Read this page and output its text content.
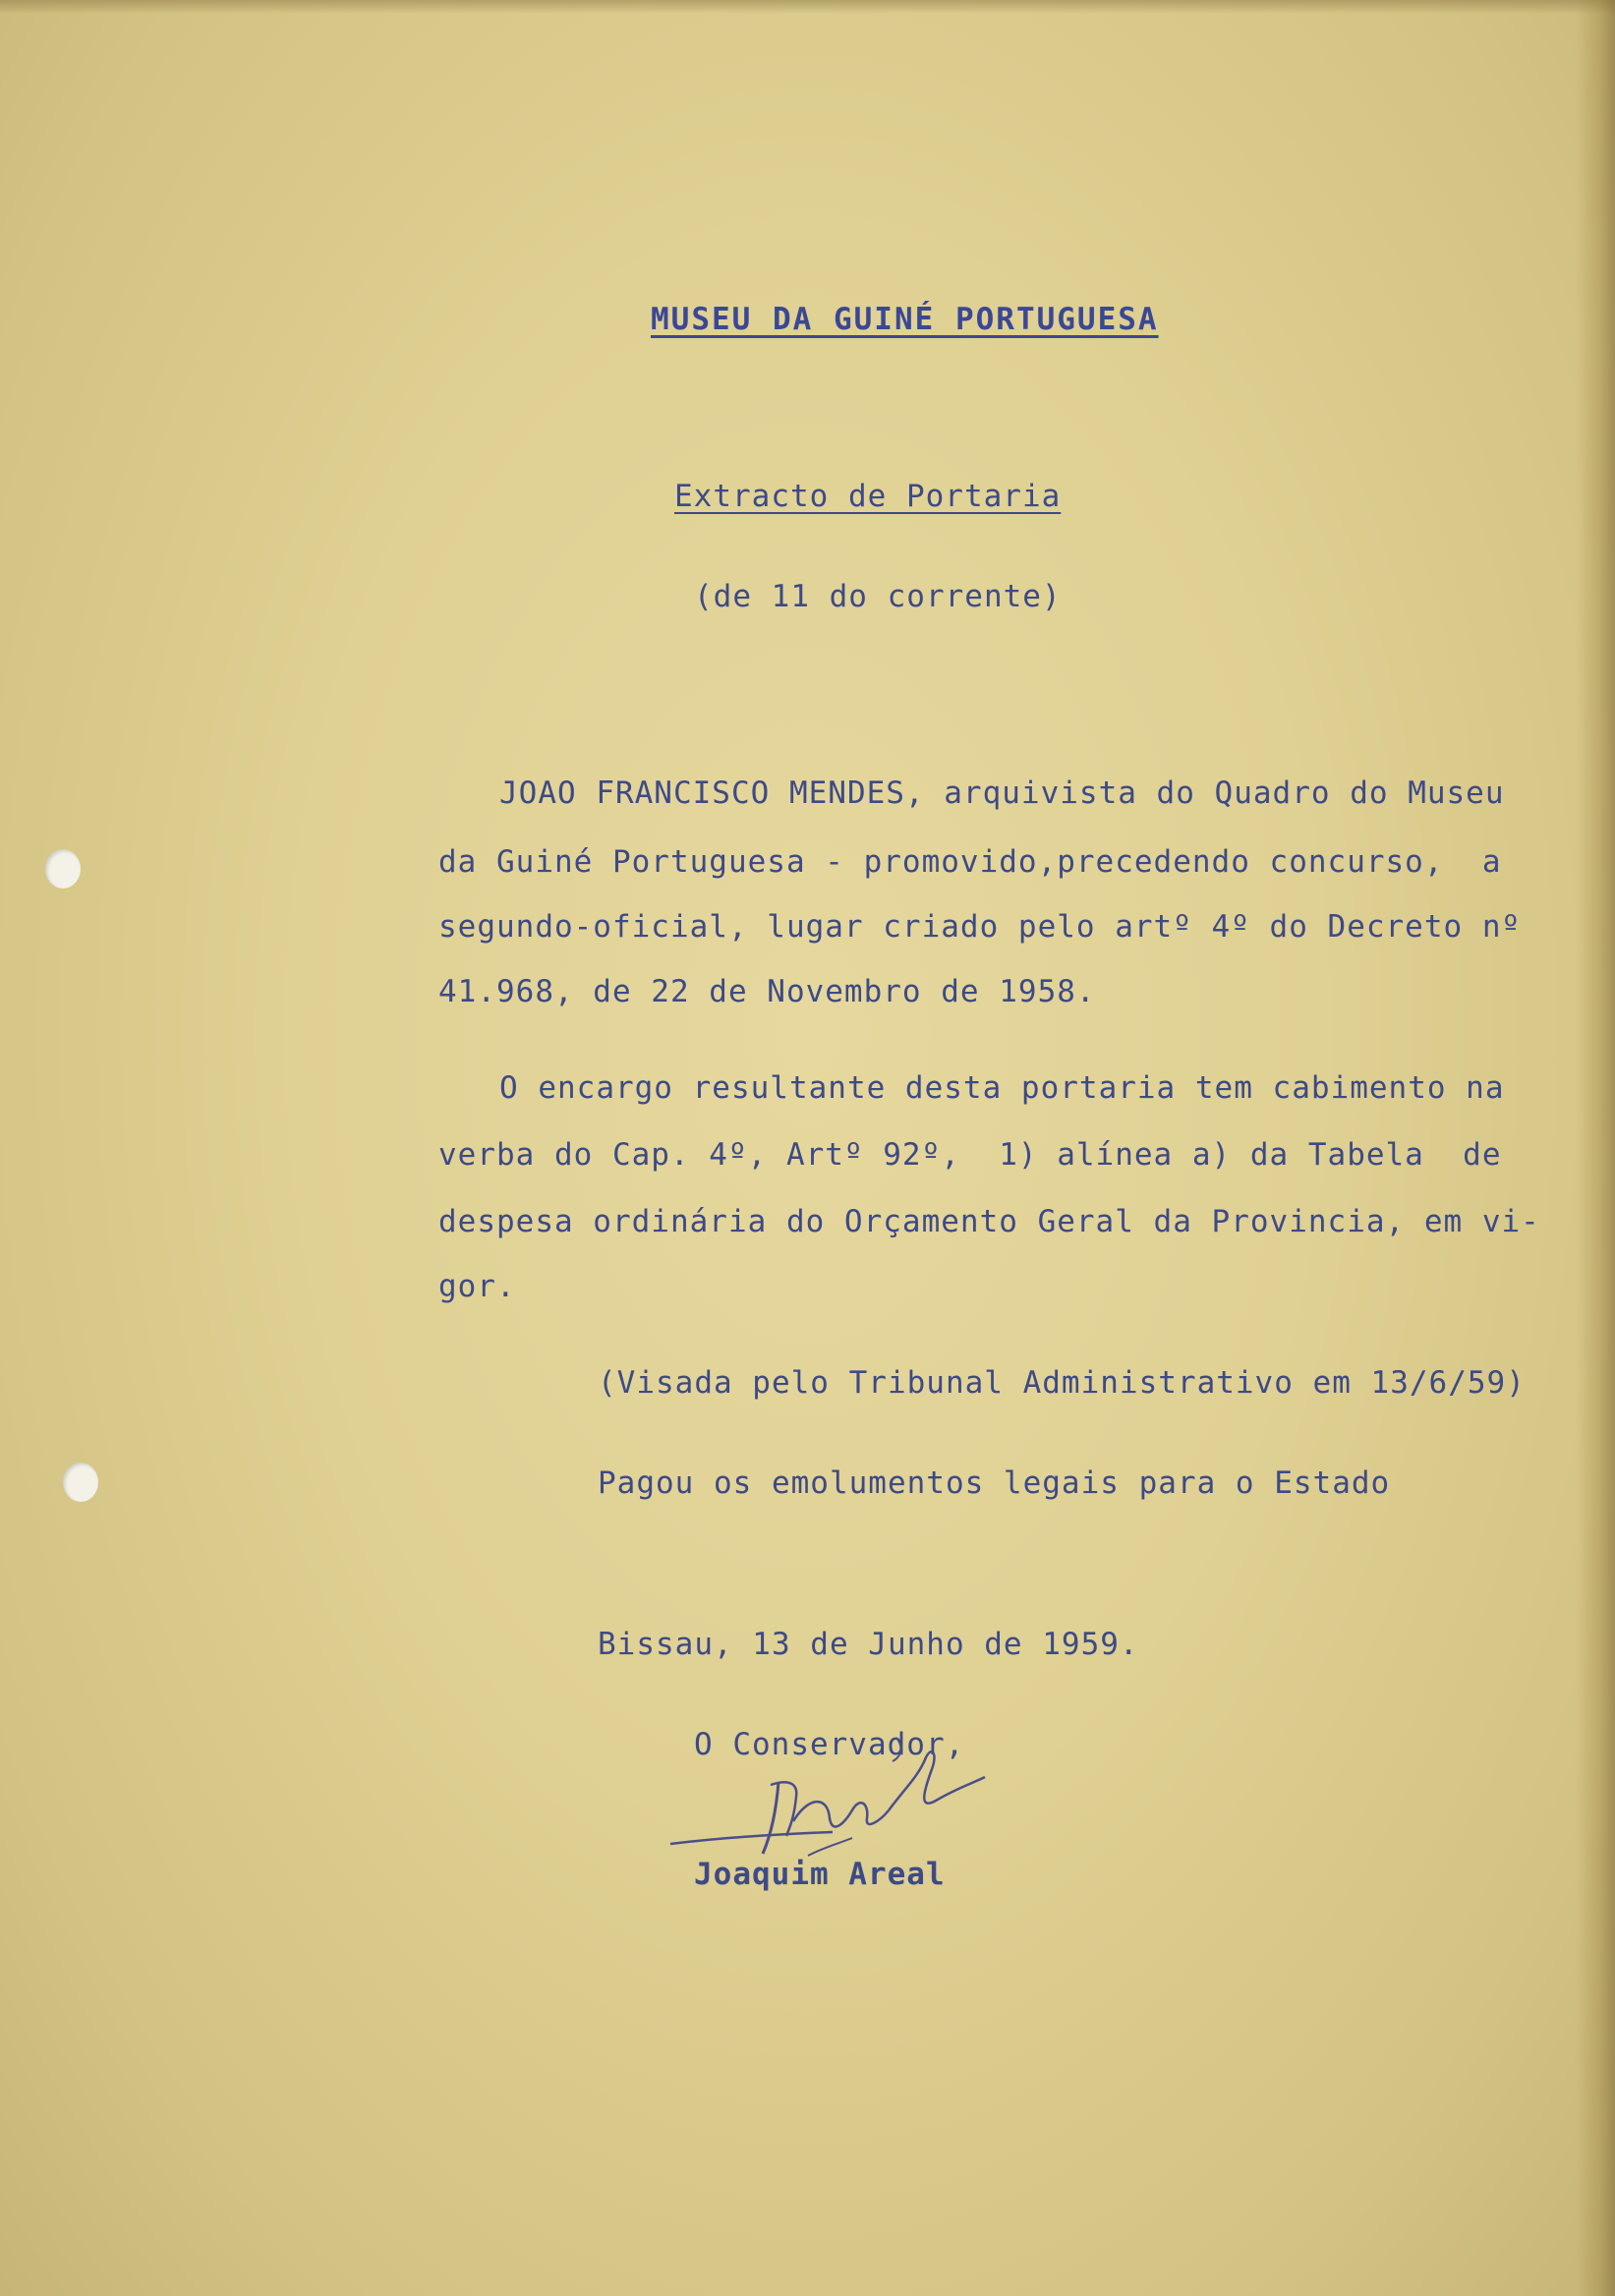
MUSEU DA GUINÉ PORTUGUESA

Extracto de Portaria

(de 11 do corrente)

JOAO FRANCISCO MENDES, arquivista do Quadro do Museu

da Guiné Portuguesa - promovido,precedendo concurso,  a

segundo-oficial, lugar criado pelo artº 4º do Decreto nº

41.968, de 22 de Novembro de 1958.

O encargo resultante desta portaria tem cabimento na

verba do Cap. 4º, Artº 92º,  1) alínea a) da Tabela  de

despesa ordinária do Orçamento Geral da Provincia, em vi-

gor.

(Visada pelo Tribunal Administrativo em 13/6/59)

Pagou os emolumentos legais para o Estado

Bissau, 13 de Junho de 1959.

O Conservador,

Joaquim Areal
